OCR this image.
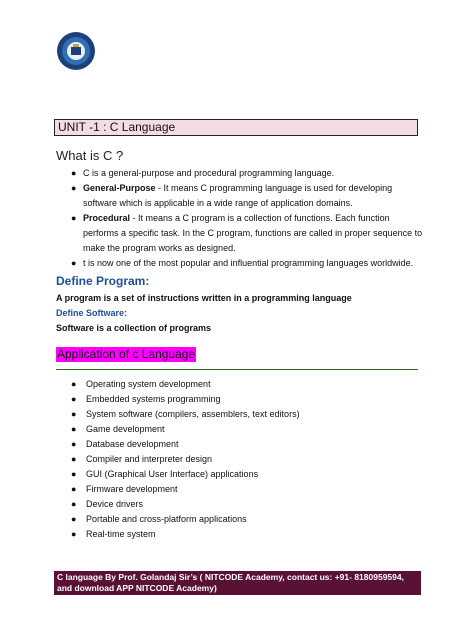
UNIT -1 : C Language
What is C ?
● C is a general-purpose and procedural programming language.
● General-Purpose - It means C programming language is used for developing software which is applicable in a wide range of application domains.
● Procedural - It means a C program is a collection of functions. Each function performs a specific task. In the C program, functions are called in proper sequence to make the program works as designed.
● t is now one of the most popular and influential programming languages worldwide.
Define Program:
A program is a set of instructions written in a programming language
Define Software:
Software is a collection of programs
Application of c Language
● Operating system development
● Embedded systems programming
● System software (compilers, assemblers, text editors)
● Game development
● Database development
● Compiler and interpreter design
● GUI (Graphical User Interface) applications
● Firmware development
● Device drivers
● Portable and cross-platform applications
● Real-time system
C language By Prof. Golandaj Sir’s ( NITCODE Academy, contact us: +91- 8180959594, and download APP NITCODE Academy)
